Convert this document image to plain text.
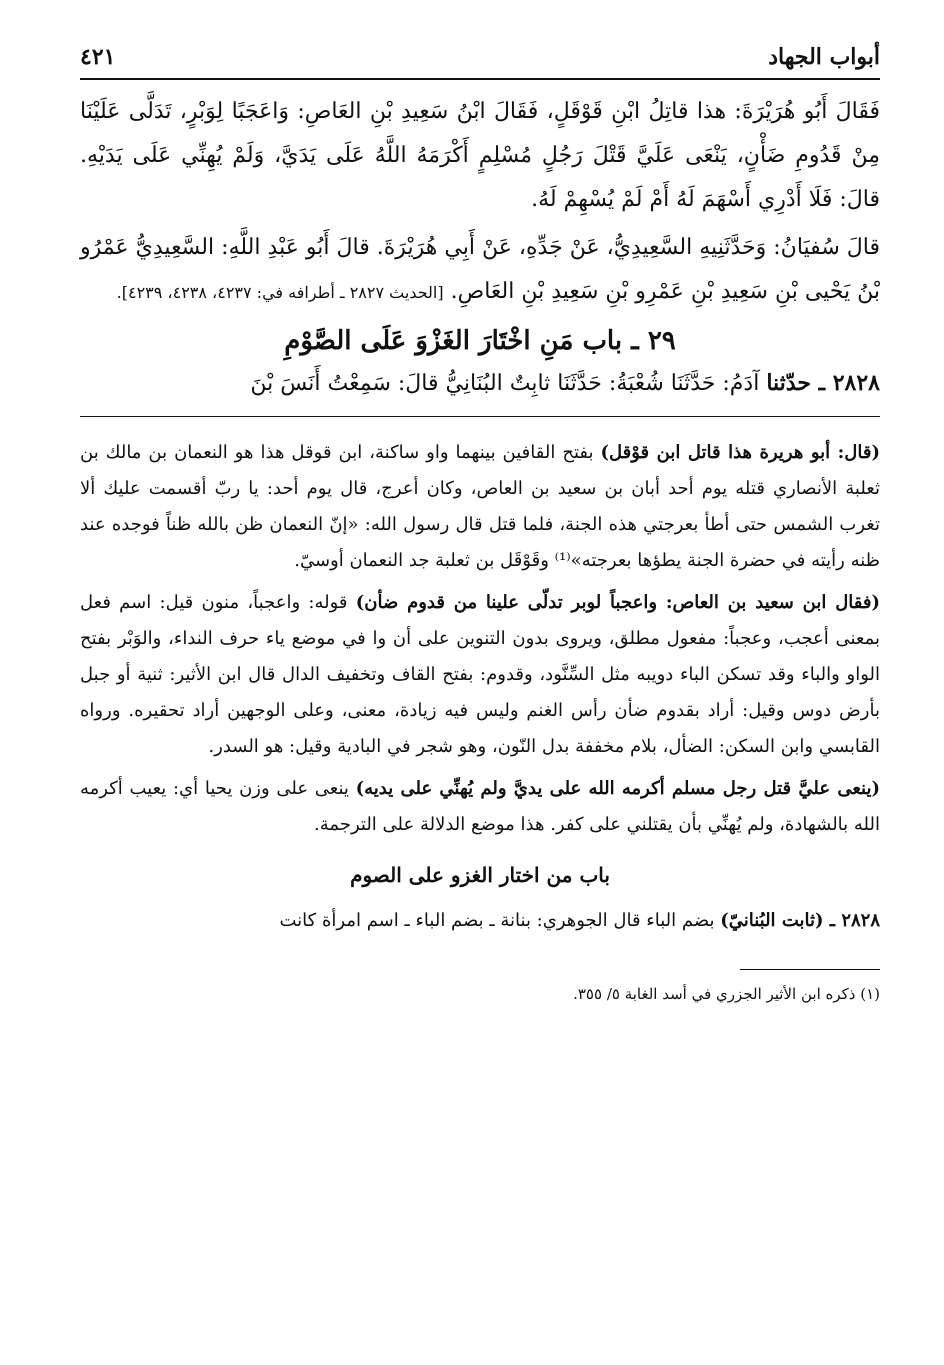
أبواب الجهاد
٤٢١

فَقَالَ أَبُو هُرَيْرَةَ: هذا قاتِلُ ابْنِ قَوْقَلٍ، فَقَالَ ابْنُ سَعِيدِ بْنِ العَاصِ: وَاعَجَبًا لِوَبْرٍ، تَدَلَّى عَلَيْنَا مِنْ قَدُومِ ضَأْنٍ، يَنْعَى عَلَيَّ قَتْلَ رَجُلٍ مُسْلِمٍ أَكْرَمَهُ اللَّهُ عَلَى يَدَيَّ، وَلَمْ يُهِنِّي عَلَى يَدَيْهِ. قالَ: فَلَا أَدْرِي أَسْهَمَ لَهُ أَمْ لَمْ يُسْهِمْ لَهُ.

قالَ سُفيَانُ: وَحَدَّثَنِيهِ السَّعِيدِيُّ، عَنْ جَدِّهِ، عَنْ أَبِي هُرَيْرَةَ. قالَ أَبُو عَبْدِ اللَّهِ: السَّعِيدِيُّ عَمْرُو بْنُ يَحْيى بْنِ سَعِيدِ بْنِ عَمْرِو بْنِ سَعِيدِ بْنِ العَاصِ. [الحديث ٢٨٢٧ ـ أطرافه في: ٤٢٣٧، ٤٢٣٨، ٤٢٣٩].

٢٩ ـ باب مَنِ اخْتَارَ الغَزْوَ عَلَى الصَّوْمِ

٢٨٢٨ ـ حدّثنا آدَمُ: حَدَّثَنَا شُعْبَةُ: حَدَّثَنَا ثابِتٌ البُنَانِيُّ قالَ: سَمِعْتُ أَنَسَ بْنَ

(قال: أبو هريرة هذا قاتل ابن قوْقل) بفتح القافين بينهما واو ساكنة، ابن قوقل هذا هو النعمان بن مالك بن ثعلبة الأنصاري قتله يوم أحد أبان بن سعيد بن العاص، وكان أعرج، قال يوم أحد: يا ربّ أقسمت عليك ألا تغرب الشمس حتى أطأ بعرجتي هذه الجنة، فلما قتل قال رسول الله: «إنّ النعمان ظن بالله ظناً فوجده عند ظنه رأيته في حضرة الجنة يطؤها بعرجته»⁽¹⁾ وقَوْقَل بن ثعلبة جد النعمان أوسيّ.

(فقال ابن سعيد بن العاص: واعجباً لوبر تدلّى علينا من قدوم ضأن) قوله: واعجباً، منون قيل: اسم فعل بمعنى أعجب، وعجباً: مفعول مطلق، ويروى بدون التنوين على أن وا في موضع ياء حرف النداء، والوَبْر بفتح الواو والباء وقد تسكن الباء دويبه مثل السِّنَّود، وقدوم: بفتح القاف وتخفيف الدال قال ابن الأثير: ثنية أو جبل بأرض دوس وقيل: أراد بقدوم ضأن رأس الغنم وليس فيه زيادة، معنى، وعلى الوجهين أراد تحقيره. ورواه القابسي وابن السكن: الضأل، بلام مخففة بدل النّون، وهو شجر في البادية وقيل: هو السدر.

(ينعى عليَّ قتل رجل مسلم أكرمه الله على يديَّ ولم يُهنِّي على يديه) ينعى على وزن يحيا أي: يعيب أكرمه الله بالشهادة، ولم يُهنِّي بأن يقتلني على كفر. هذا موضع الدلالة على الترجمة.

باب من اختار الغزو على الصوم

٢٨٢٨ ـ (ثابت البُنانيّ) بضم الباء قال الجوهري: بنانة ـ بضم الباء ـ اسم امرأة كانت

(١) ذكره ابن الأثير الجزري في أسد الغابة ٥/ ٣٥٥.
